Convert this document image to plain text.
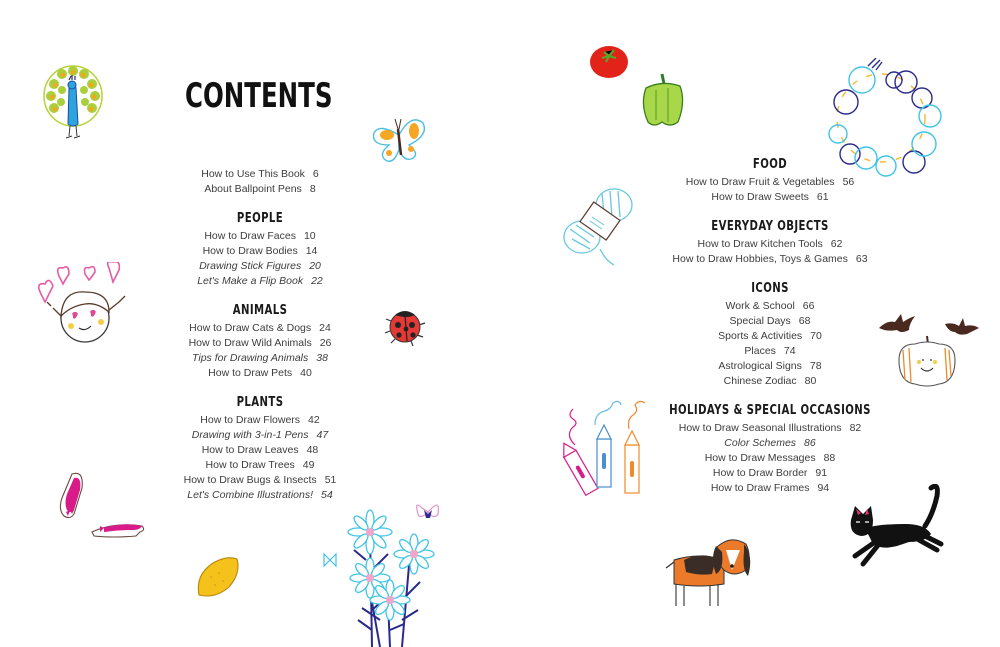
CONTENTS
How to Use This Book 6
About Ballpoint Pens 8
PEOPLE
How to Draw Faces 10
How to Draw Bodies 14
Drawing Stick Figures 20
Let's Make a Flip Book 22
ANIMALS
How to Draw Cats & Dogs 24
How to Draw Wild Animals 26
Tips for Drawing Animals 38
How to Draw Pets 40
PLANTS
How to Draw Flowers 42
Drawing with 3-in-1 Pens 47
How to Draw Leaves 48
How to Draw Trees 49
How to Draw Bugs & Insects 51
Let's Combine Illustrations! 54
FOOD
How to Draw Fruit & Vegetables 56
How to Draw Sweets 61
EVERYDAY OBJECTS
How to Draw Kitchen Tools 62
How to Draw Hobbies, Toys & Games 63
ICONS
Work & School 66
Special Days 68
Sports & Activities 70
Places 74
Astrological Signs 78
Chinese Zodiac 80
HOLIDAYS & SPECIAL OCCASIONS
How to Draw Seasonal Illustrations 82
Color Schemes 86
How to Draw Messages 88
How to Draw Border 91
How to Draw Frames 94
